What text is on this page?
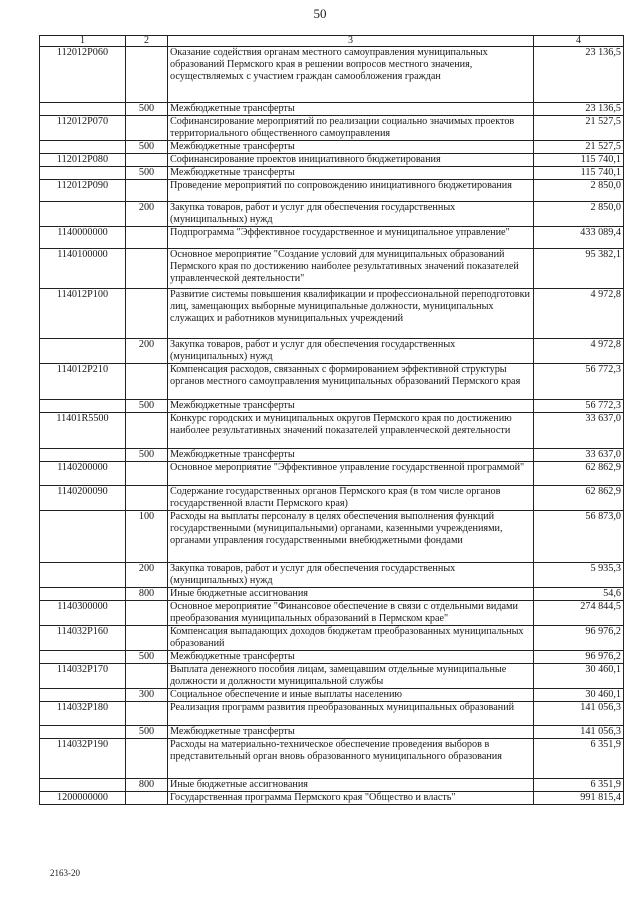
50
1	2	3	4
112012P060		Оказание содействия органам местного самоуправления муниципальных образований Пермского края в решении вопросов местного значения, осуществляемых с участием граждан самообложения граждан	23 136,5
	500	Межбюджетные трансферты	23 136,5
112012P070		Софинансирование мероприятий по реализации социально значимых проектов территориального общественного самоуправления	21 527,5
	500	Межбюджетные трансферты	21 527,5
112012P080		Софинансирование проектов инициативного бюджетирования	115 740,1
	500	Межбюджетные трансферты	115 740,1
112012P090		Проведение мероприятий по сопровождению инициативного бюджетирования	2 850,0
	200	Закупка товаров, работ и услуг для обеспечения государственных (муниципальных) нужд	2 850,0
1140000000		Подпрограмма "Эффективное государственное и муниципальное управление"	433 089,4
1140100000		Основное мероприятие "Создание условий для муниципальных образований Пермского края по достижению наиболее результативных значений показателей управленческой деятельности"	95 382,1
114012P100		Развитие системы повышения квалификации и профессиональной переподготовки лиц, замещающих выборные муниципальные должности, муниципальных служащих и работников муниципальных учреждений	4 972,8
	200	Закупка товаров, работ и услуг для обеспечения государственных (муниципальных) нужд	4 972,8
114012P210		Компенсация расходов, связанных с формированием эффективной структуры органов местного самоуправления муниципальных образований Пермского края	56 772,3
	500	Межбюджетные трансферты	56 772,3
11401R5500		Конкурс городских и муниципальных округов Пермского края по достижению наиболее результативных значений показателей управленческой деятельности	33 637,0
	500	Межбюджетные трансферты	33 637,0
1140200000		Основное мероприятие "Эффективное управление государственной программой"	62 862,9
1140200090		Содержание государственных органов Пермского края (в том числе органов государственной власти Пермского края)	62 862,9
	100	Расходы на выплаты персоналу в целях обеспечения выполнения функций государственными (муниципальными) органами, казенными учреждениями, органами управления государственными внебюджетными фондами	56 873,0
	200	Закупка товаров, работ и услуг для обеспечения государственных (муниципальных) нужд	5 935,3
	800	Иные бюджетные ассигнования	54,6
1140300000		Основное мероприятие "Финансовое обеспечение в связи с отдельными видами преобразования муниципальных образований в Пермском крае"	274 844,5
114032P160		Компенсация выпадающих доходов бюджетам преобразованных муниципальных образований	96 976,2
	500	Межбюджетные трансферты	96 976,2
114032P170		Выплата денежного пособия лицам, замещавшим отдельные муниципальные должности и должности муниципальной службы	30 460,1
	300	Социальное обеспечение и иные выплаты населению	30 460,1
114032P180		Реализация программ развития преобразованных муниципальных образований	141 056,3
	500	Межбюджетные трансферты	141 056,3
114032P190		Расходы на материально-техническое обеспечение проведения выборов в представительный орган вновь образованного муниципального образования	6 351,9
	800	Иные бюджетные ассигнования	6 351,9
1200000000		Государственная программа Пермского края "Общество и власть"	991 815,4
2163-20
